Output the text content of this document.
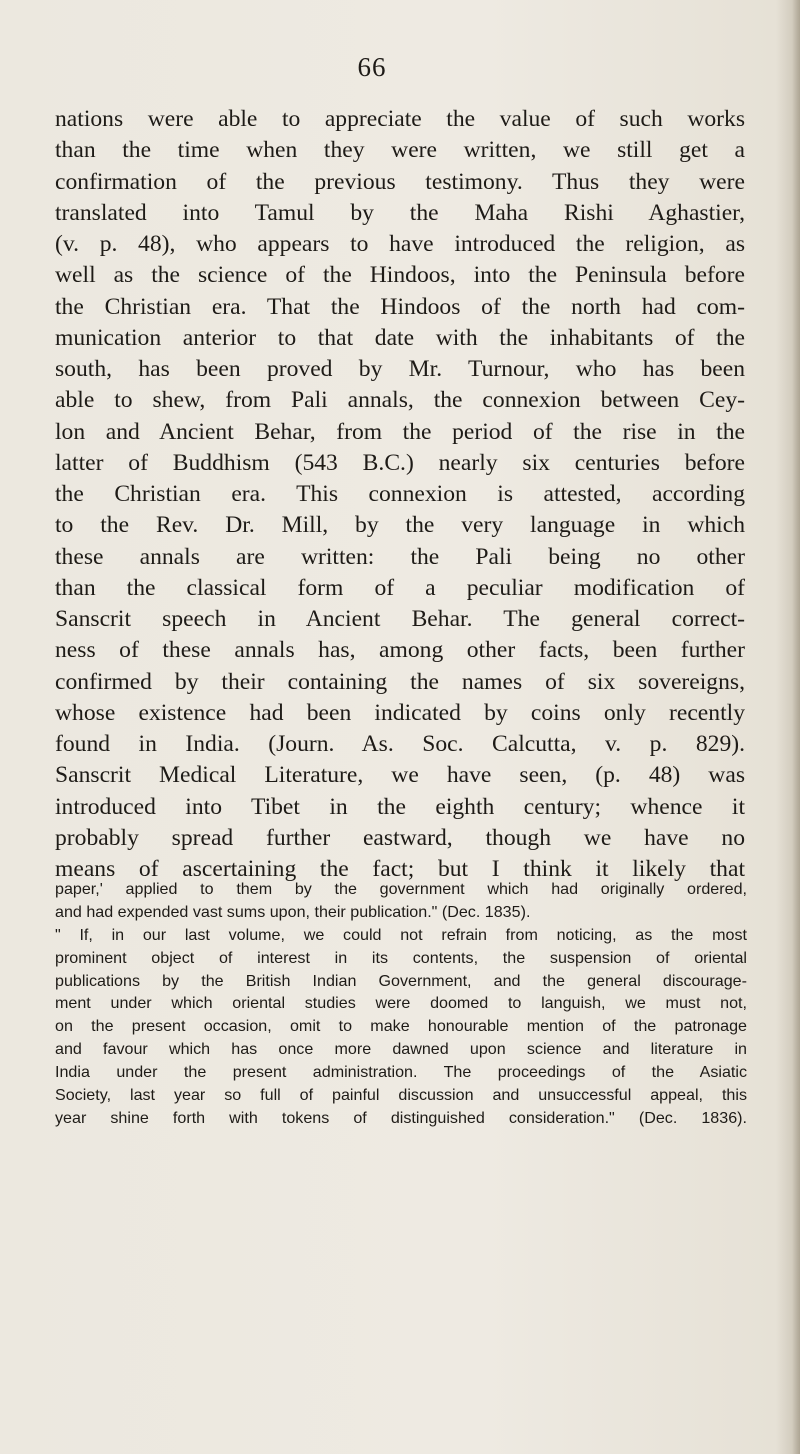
66
nations were able to appreciate the value of such works
than the time when they were written, we still get a
confirmation of the previous testimony. Thus they were
translated into Tamul by the Maha Rishi Aghastier,
(v. p. 48), who appears to have introduced the religion, as
well as the science of the Hindoos, into the Peninsula before
the Christian era. That the Hindoos of the north had com-
munication anterior to that date with the inhabitants of the
south, has been proved by Mr. Turnour, who has been
able to shew, from Pali annals, the connexion between Cey-
lon and Ancient Behar, from the period of the rise in the
latter of Buddhism (543 B.C.) nearly six centuries before
the Christian era. This connexion is attested, according
to the Rev. Dr. Mill, by the very language in which
these annals are written: the Pali being no other
than the classical form of a peculiar modification of
Sanscrit speech in Ancient Behar. The general correct-
ness of these annals has, among other facts, been further
confirmed by their containing the names of six sovereigns,
whose existence had been indicated by coins only recently
found in India. (Journ. As. Soc. Calcutta, v. p. 829).
Sanscrit Medical Literature, we have seen, (p. 48) was
introduced into Tibet in the eighth century; whence it
probably spread further eastward, though we have no
means of ascertaining the fact; but I think it likely that
paper,' applied to them by the government which had originally ordered,
and had expended vast sums upon, their publication." (Dec. 1835).
" If, in our last volume, we could not refrain from noticing, as the most
prominent object of interest in its contents, the suspension of oriental
publications by the British Indian Government, and the general discourage-
ment under which oriental studies were doomed to languish, we must not,
on the present occasion, omit to make honourable mention of the patronage
and favour which has once more dawned upon science and literature in
India under the present administration. The proceedings of the Asiatic
Society, last year so full of painful discussion and unsuccessful appeal, this
year shine forth with tokens of distinguished consideration." (Dec. 1836).
